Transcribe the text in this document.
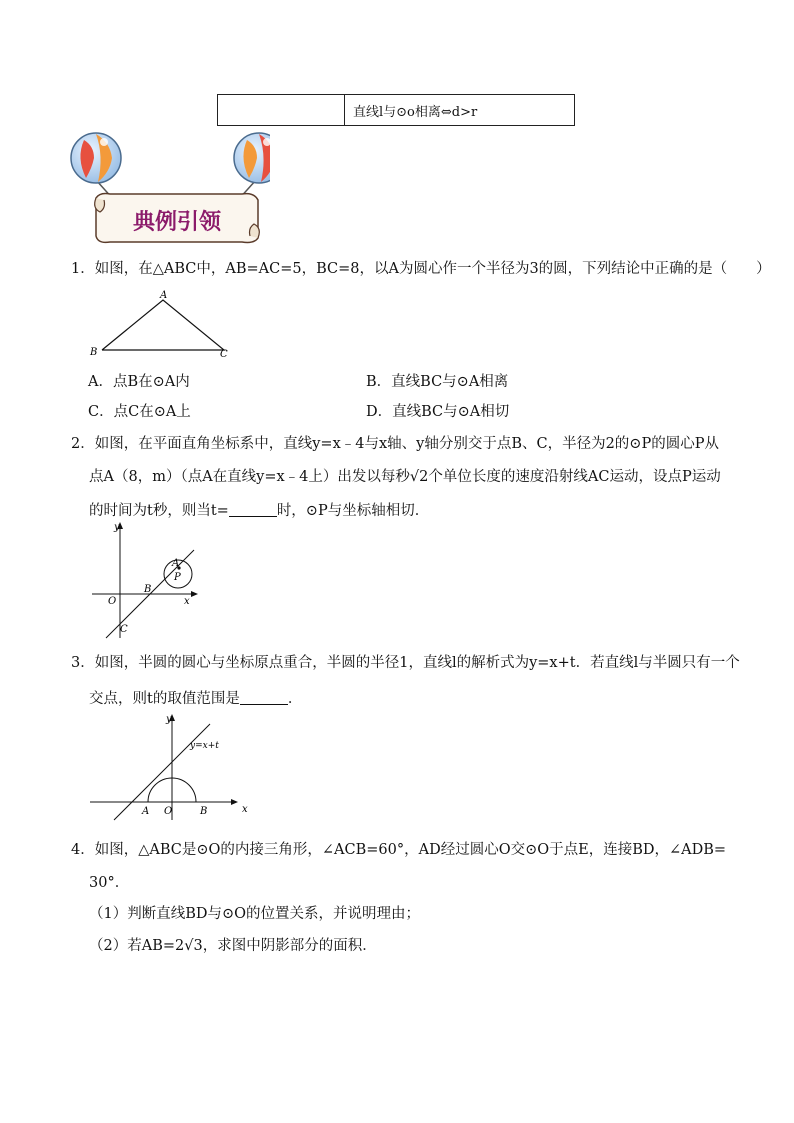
	直线l与⊙o相离⇔d>r
典例引领
1．如图，在△ABC中，AB=AC=5，BC=8，以A为圆心作一个半径为3的圆，下列结论中正确的是（　　）
A
B	C
A．点B在⊙A内	B．直线BC与⊙A相离
C．点C在⊙A上	D．直线BC与⊙A相切
2．如图，在平面直角坐标系中，直线y=x﹣4与x轴、y轴分别交于点B、C，半径为2的⊙P的圆心P从
点A（8，m）（点A在直线y=x﹣4上）出发以每秒√2个单位长度的速度沿射线AC运动，设点P运动
的时间为t秒，则当t=	时，⊙P与坐标轴相切．
y
x
O
B
C
A
P
3．如图，半圆的圆心与坐标原点重合，半圆的半径1，直线l的解析式为y=x+t．若直线l与半圆只有一个
交点，则t的取值范围是	．
y
x
O
A	B
y=x+t
4．如图，△ABC是⊙O的内接三角形，∠ACB=60°，AD经过圆心O交⊙O于点E，连接BD，∠ADB=
30°．
（1）判断直线BD与⊙O的位置关系，并说明理由；
（2）若AB=2√3，求图中阴影部分的面积．
